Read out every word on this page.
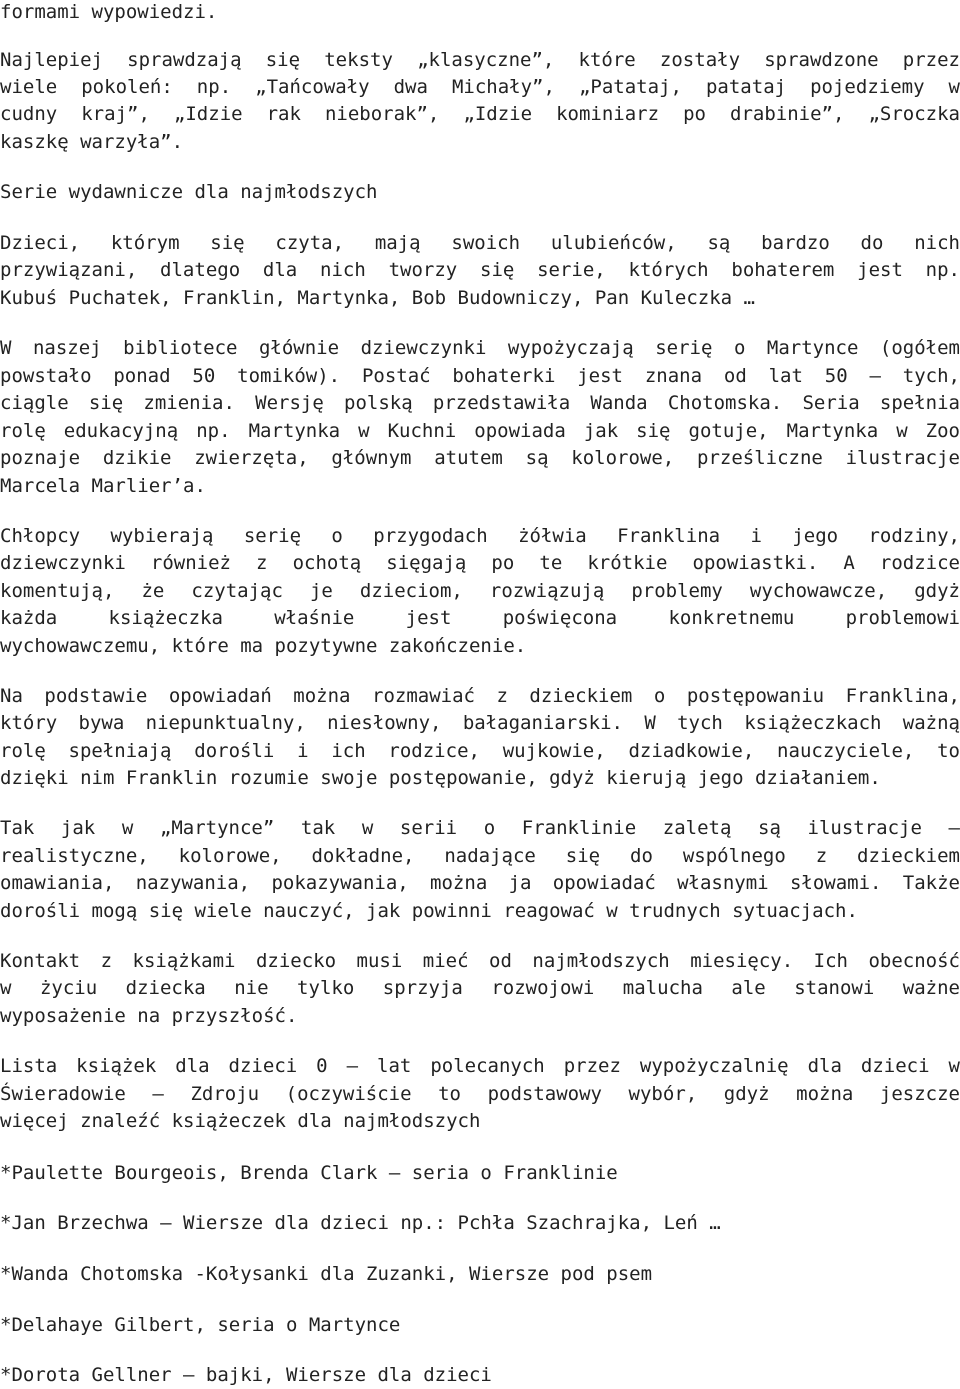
formami wypowiedzi.
Najlepiej sprawdzają się teksty „klasyczne”, które zostały sprawdzone przez
wiele pokoleń: np. „Tańcowały dwa Michały”, „Patataj, patataj pojedziemy w
cudny kraj”, „Idzie rak nieborak”, „Idzie kominiarz po drabinie”, „Sroczka
kaszkę warzyła”.
Serie wydawnicze dla najmłodszych
Dzieci, którym się czyta, mają swoich ulubieńców, są bardzo do nich
przywiązani, dlatego dla nich tworzy się serie, których bohaterem jest np.
Kubuś Puchatek, Franklin, Martynka, Bob Budowniczy, Pan Kuleczka …
W naszej bibliotece głównie dziewczynki wypożyczają serię o Martynce (ogółem
powstało ponad 50 tomików). Postać bohaterki jest znana od lat 50 – tych,
ciągle się zmienia. Wersję polską przedstawiła Wanda Chotomska. Seria spełnia
rolę edukacyjną np. Martynka w Kuchni opowiada jak się gotuje, Martynka w Zoo
poznaje dzikie zwierzęta, głównym atutem są kolorowe, prześliczne ilustracje
Marcela Marlier’a.
Chłopcy wybierają serię o przygodach żółwia Franklina i jego rodziny,
dziewczynki również z ochotą sięgają po te krótkie opowiastki. A rodzice
komentują, że czytając je dzieciom, rozwiązują problemy wychowawcze, gdyż
każda książeczka właśnie jest poświęcona konkretnemu problemowi
wychowawczemu, które ma pozytywne zakończenie.
Na podstawie opowiadań można rozmawiać z dzieckiem o postępowaniu Franklina,
który bywa niepunktualny, niesłowny, bałaganiarski. W tych książeczkach ważną
rolę spełniają dorośli i ich rodzice, wujkowie, dziadkowie, nauczyciele, to
dzięki nim Franklin rozumie swoje postępowanie, gdyż kierują jego działaniem.
Tak jak w „Martynce” tak w serii o Franklinie zaletą są ilustracje –
realistyczne, kolorowe, dokładne, nadające się do wspólnego z dzieckiem
omawiania, nazywania, pokazywania, można ja opowiadać własnymi słowami. Także
dorośli mogą się wiele nauczyć, jak powinni reagować w trudnych sytuacjach.
Kontakt z książkami dziecko musi mieć od najmłodszych miesięcy. Ich obecność
w życiu dziecka nie tylko sprzyja rozwojowi malucha ale stanowi ważne
wyposażenie na przyszłość.
Lista książek dla dzieci 0 – lat polecanych przez wypożyczalnię dla dzieci w
Świeradowie – Zdroju (oczywiście to podstawowy wybór, gdyż można jeszcze
więcej znaleźć książeczek dla najmłodszych
*Paulette Bourgeois, Brenda Clark – seria o Franklinie
*Jan Brzechwa – Wiersze dla dzieci np.: Pchła Szachrajka, Leń …
*Wanda Chotomska -Kołysanki dla Zuzanki, Wiersze pod psem
*Delahaye Gilbert, seria o Martynce
*Dorota Gellner – bajki, Wiersze dla dzieci
